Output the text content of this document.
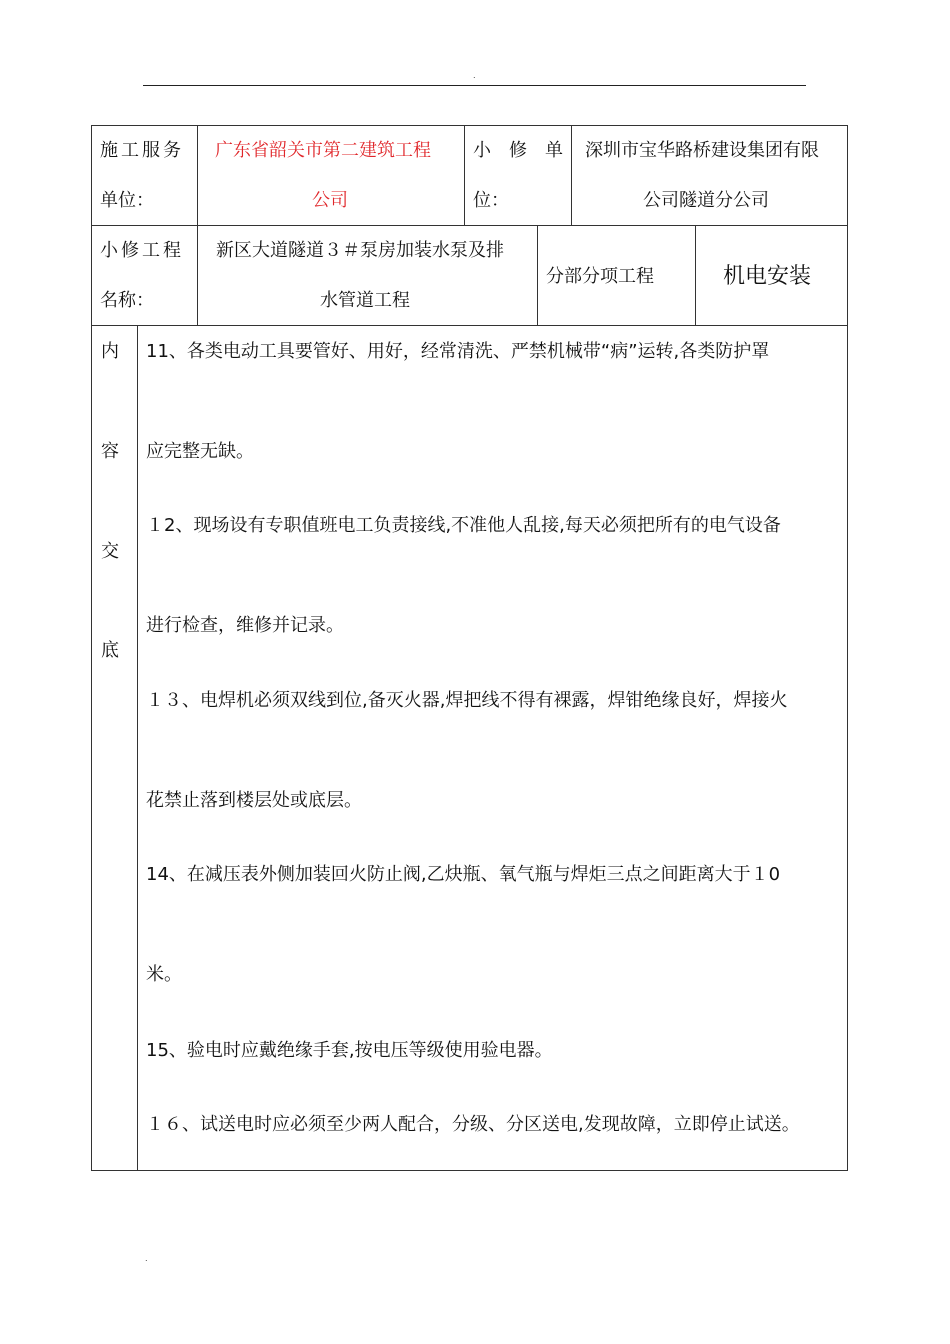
.
施工服务
单位：
广东省韶关市第二建筑工程
公司
小　修　单
位：
深圳市宝华路桥建设集团有限
公司隧道分公司
小修工程
名称：
新区大道隧道３＃泵房加装水泵及排
水管道工程
分部分项工程	机电安装
内
容
交
底
11、各类电动工具要管好、用好，经常清洗、严禁机械带“病”运转,各类防护罩
应完整无缺。
１2、现场设有专职值班电工负责接线,不准他人乱接,每天必须把所有的电气设备
进行检查，维修并记录。
１３、电焊机必须双线到位,备灭火器,焊把线不得有裸露，焊钳绝缘良好，焊接火
花禁止落到楼层处或底层。
14、在减压表外侧加装回火防止阀,乙炔瓶、氧气瓶与焊炬三点之间距离大于１0
米。
15、验电时应戴绝缘手套,按电压等级使用验电器。
１６、试送电时应必须至少两人配合，分级、分区送电,发现故障，立即停止试送。
.
